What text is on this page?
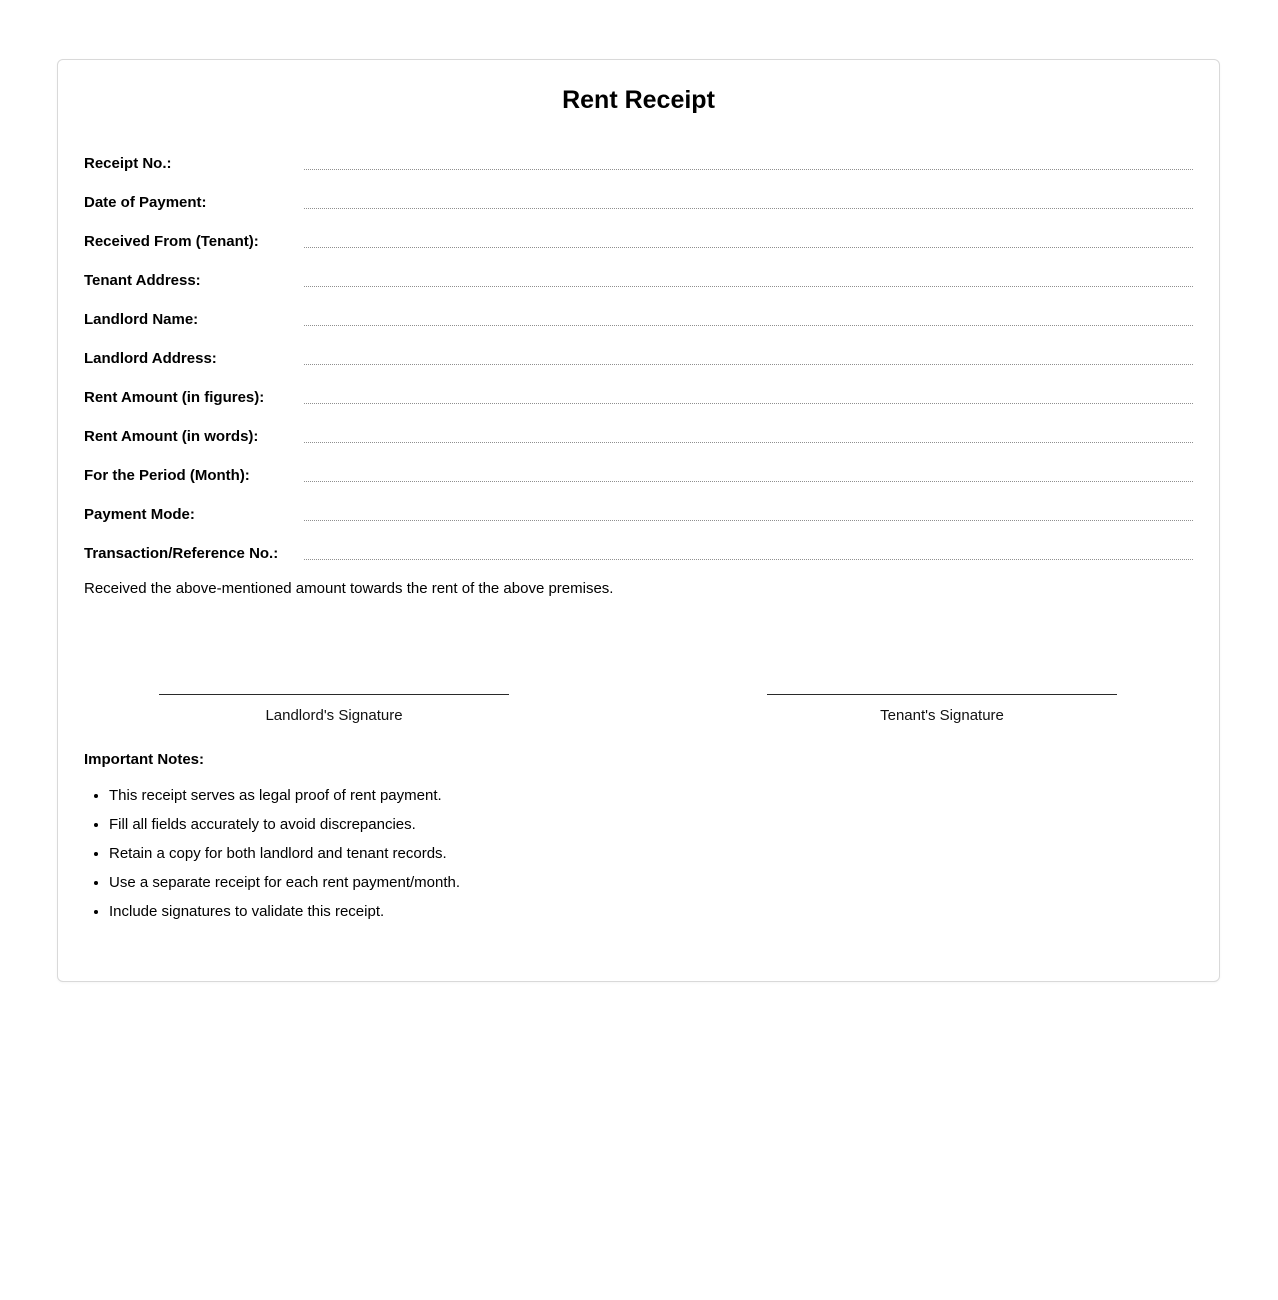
Rent Receipt
Receipt No.:
Date of Payment:
Received From (Tenant):
Tenant Address:
Landlord Name:
Landlord Address:
Rent Amount (in figures):
Rent Amount (in words):
For the Period (Month):
Payment Mode:
Transaction/Reference No.:

Received the above-mentioned amount towards the rent of the above premises.

Landlord's Signature	Tenant's Signature
Important Notes:
• This receipt serves as legal proof of rent payment.
• Fill all fields accurately to avoid discrepancies.
• Retain a copy for both landlord and tenant records.
• Use a separate receipt for each rent payment/month.
• Include signatures to validate this receipt.
